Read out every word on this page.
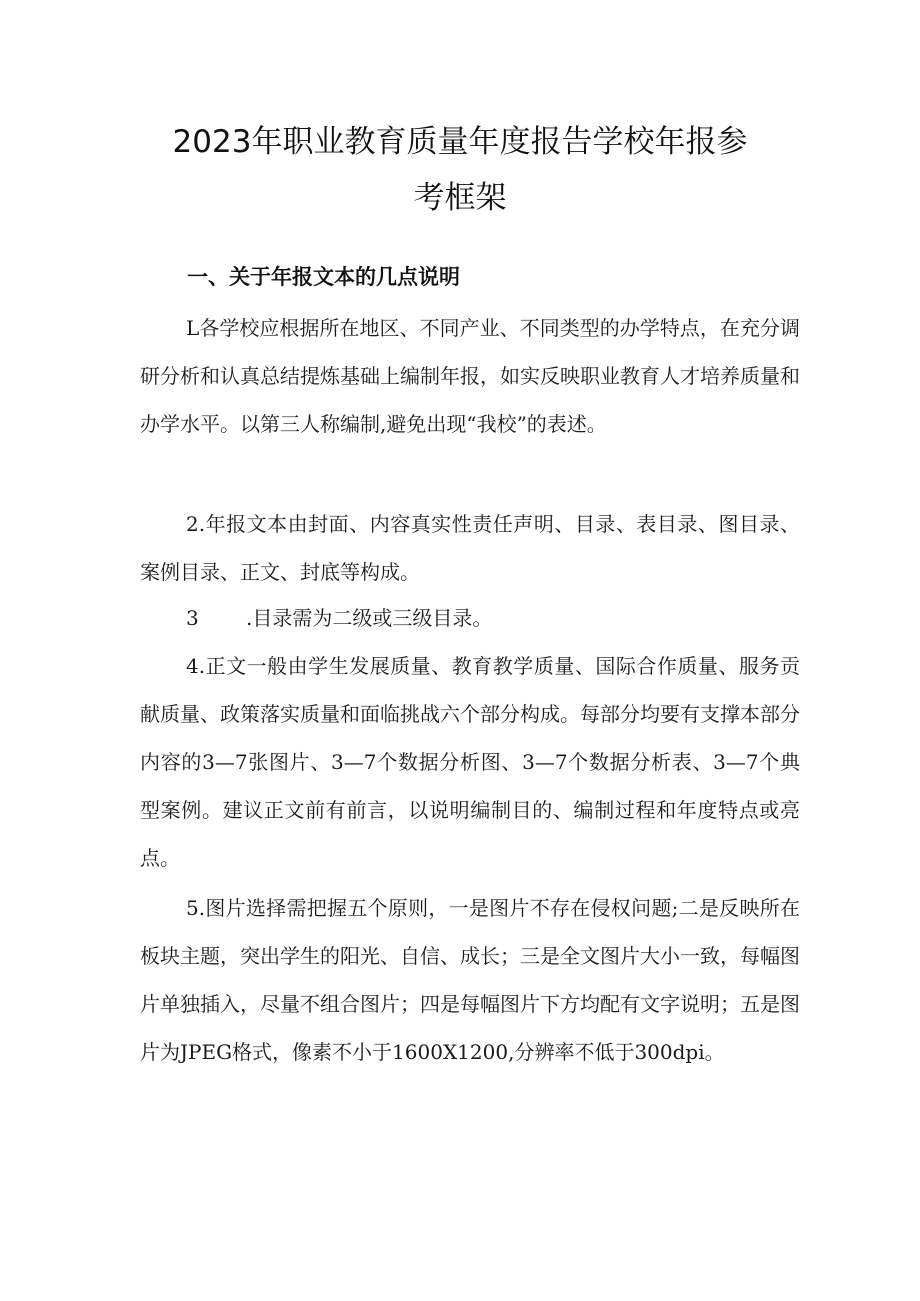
2023年职业教育质量年度报告学校年报参
考框架
一、关于年报文本的几点说明

L各学校应根据所在地区、不同产业、不同类型的办学特点，在充分调研分析和认真总结提炼基础上编制年报，如实反映职业教育人才培养质量和办学水平。以第三人称编制,避免出现“我校”的表述。

2.年报文本由封面、内容真实性责任声明、目录、表目录、图目录、案例目录、正文、封底等构成。

3 .目录需为二级或三级目录。

4.正文一般由学生发展质量、教育教学质量、国际合作质量、服务贡献质量、政策落实质量和面临挑战六个部分构成。每部分均要有支撑本部分内容的3—7张图片、3—7个数据分析图、3—7个数据分析表、3—7个典型案例。建议正文前有前言，以说明编制目的、编制过程和年度特点或亮点。

5.图片选择需把握五个原则，一是图片不存在侵权问题;二是反映所在板块主题，突出学生的阳光、自信、成长；三是全文图片大小一致，每幅图片单独插入，尽量不组合图片；四是每幅图片下方均配有文字说明；五是图片为JPEG格式，像素不小于1600X1200,分辨率不低于300dpi。
